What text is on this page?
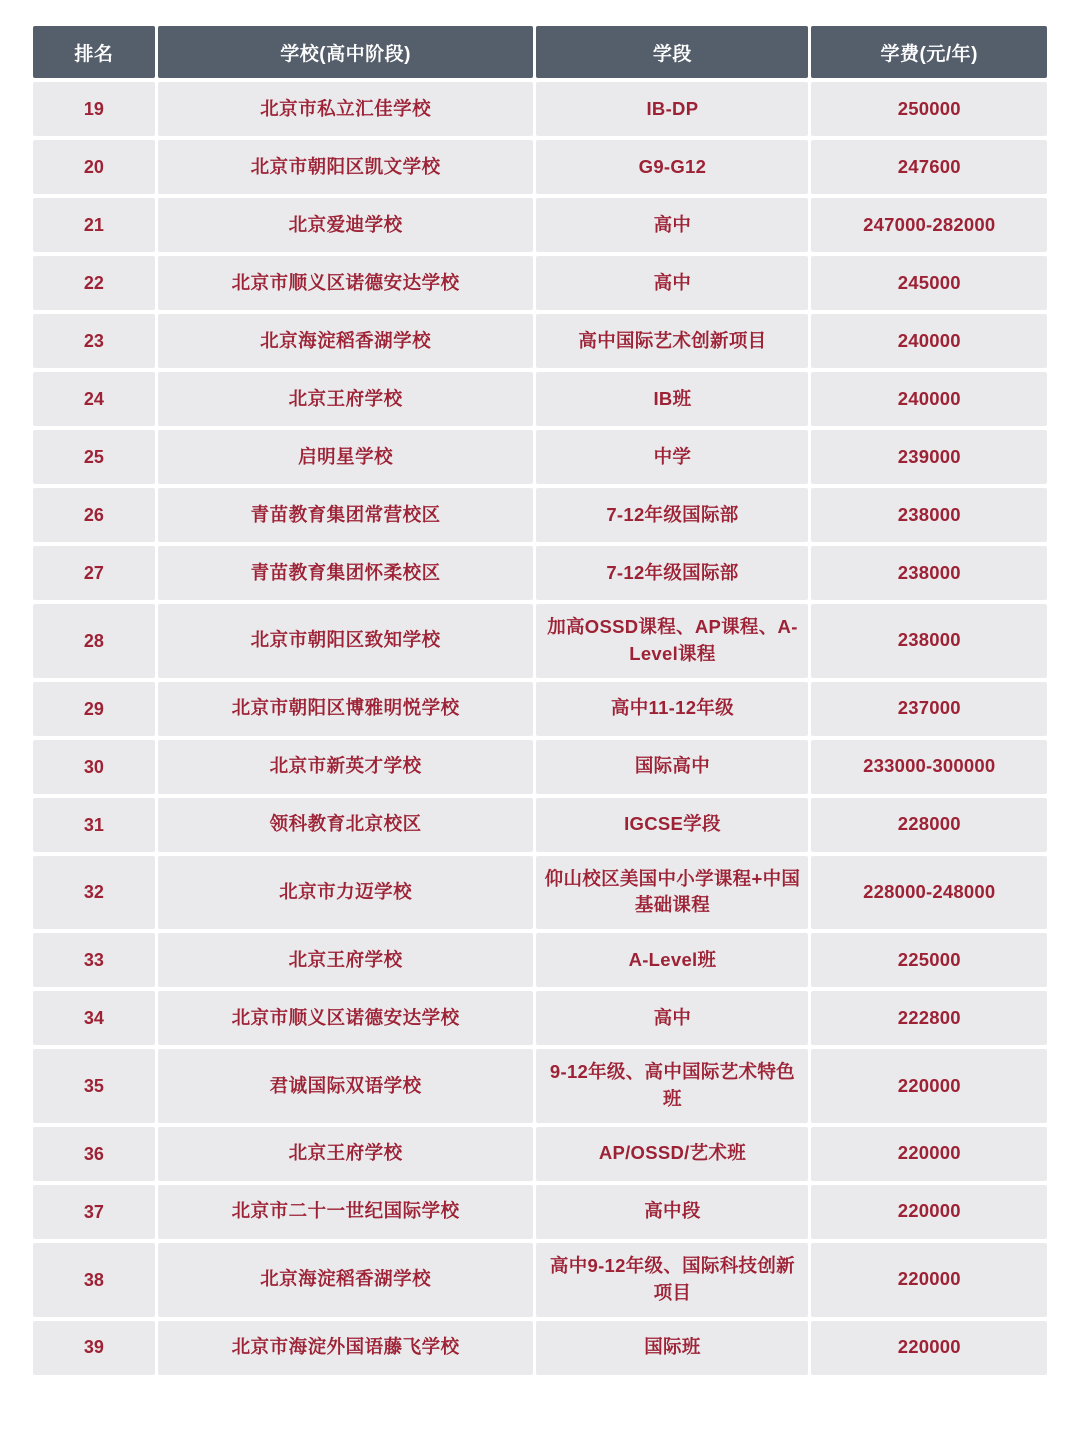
排名	学校(高中阶段)	学段	学费(元/年)
19	北京市私立汇佳学校	IB-DP	250000
20	北京市朝阳区凯文学校	G9-G12	247600
21	北京爱迪学校	高中	247000-282000
22	北京市顺义区诺德安达学校	高中	245000
23	北京海淀稻香湖学校	高中国际艺术创新项目	240000
24	北京王府学校	IB班	240000
25	启明星学校	中学	239000
26	青苗教育集团常营校区	7-12年级国际部	238000
27	青苗教育集团怀柔校区	7-12年级国际部	238000
28	北京市朝阳区致知学校	加高OSSD课程、AP课程、A-Level课程	238000
29	北京市朝阳区博雅明悦学校	高中11-12年级	237000
30	北京市新英才学校	国际高中	233000-300000
31	领科教育北京校区	IGCSE学段	228000
32	北京市力迈学校	仰山校区美国中小学课程+中国基础课程	228000-248000
33	北京王府学校	A-Level班	225000
34	北京市顺义区诺德安达学校	高中	222800
35	君诚国际双语学校	9-12年级、高中国际艺术特色班	220000
36	北京王府学校	AP/OSSD/艺术班	220000
37	北京市二十一世纪国际学校	高中段	220000
38	北京海淀稻香湖学校	高中9-12年级、国际科技创新项目	220000
39	北京市海淀外国语藤飞学校	国际班	220000
